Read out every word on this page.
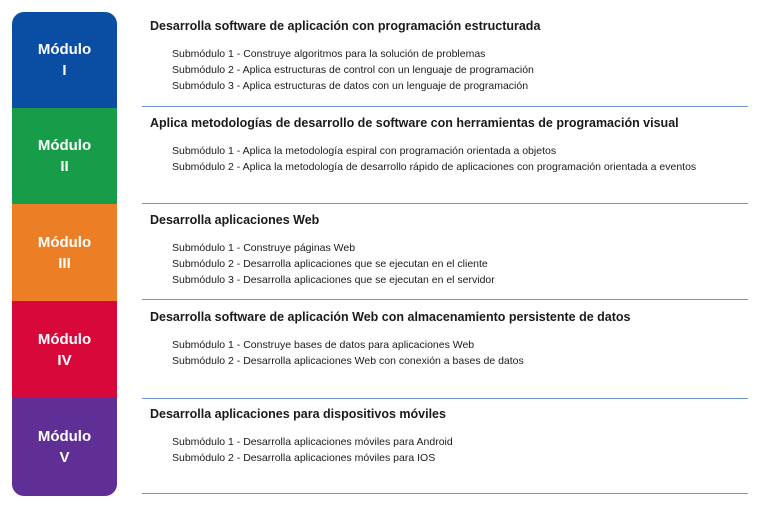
Módulo
I
Módulo
II
Módulo
III
Módulo
IV
Módulo
V
Desarrolla software de aplicación con programación estructurada
Submódulo 1 - Construye algoritmos para la solución de problemas
Submódulo 2 - Aplica estructuras de control con un lenguaje de programación
Submódulo 3 - Aplica estructuras de datos con un lenguaje de programación
Aplica metodologías de desarrollo de software con herramientas de programación visual
Submódulo 1 - Aplica la metodología espiral con programación orientada a objetos
Submódulo 2 - Aplica la metodología de desarrollo rápido de aplicaciones con programación orientada a eventos
Desarrolla aplicaciones Web
Submódulo 1 - Construye páginas Web
Submódulo 2 - Desarrolla aplicaciones que se ejecutan en el cliente
Submódulo 3 - Desarrolla aplicaciones que se ejecutan en el servidor
Desarrolla software de aplicación Web con almacenamiento persistente de datos
Submódulo 1 - Construye bases de datos para aplicaciones Web
Submódulo 2 - Desarrolla aplicaciones Web con conexión a bases de datos
Desarrolla aplicaciones para dispositivos móviles
Submódulo 1 - Desarrolla aplicaciones móviles para Android
Submódulo 2 - Desarrolla aplicaciones móviles para IOS
